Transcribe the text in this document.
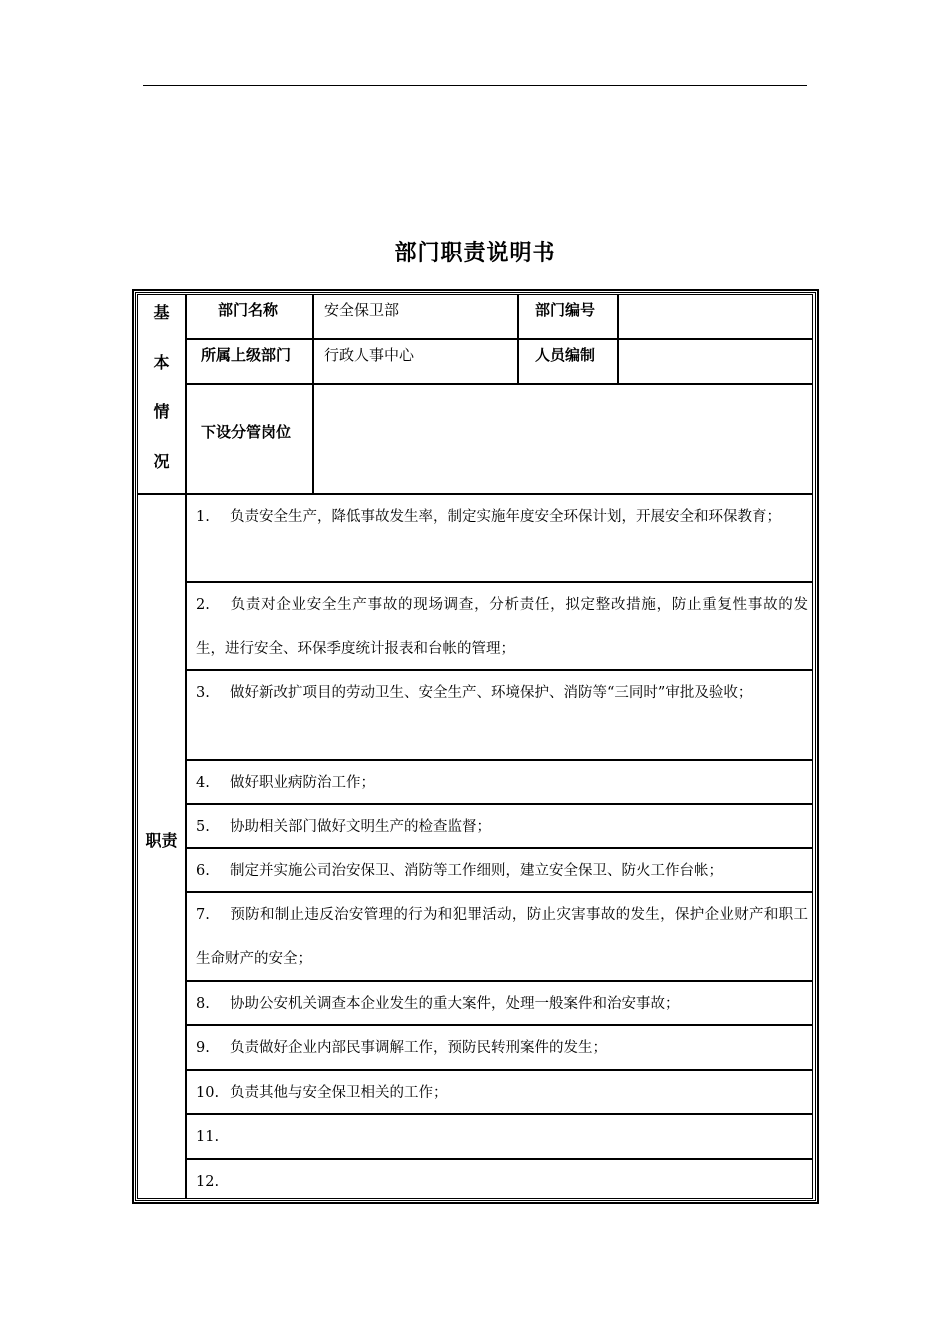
部门职责说明书
基
本
情
况
部门名称	安全保卫部	部门编号
所属上级部门	行政人事中心	人员编制
下设分管岗位
职责
1. 负责安全生产，降低事故发生率，制定实施年度安全环保计划，开展安全和环保教育；
2. 负责对企业安全生产事故的现场调查，分析责任，拟定整改措施，防止重复性事故的发生，进行安全、环保季度统计报表和台帐的管理；
3. 做好新改扩项目的劳动卫生、安全生产、环境保护、消防等“三同时”审批及验收；
4. 做好职业病防治工作；
5. 协助相关部门做好文明生产的检查监督；
6. 制定并实施公司治安保卫、消防等工作细则，建立安全保卫、防火工作台帐；
7. 预防和制止违反治安管理的行为和犯罪活动，防止灾害事故的发生，保护企业财产和职工生命财产的安全；
8. 协助公安机关调查本企业发生的重大案件，处理一般案件和治安事故；
9. 负责做好企业内部民事调解工作，预防民转刑案件的发生；
10. 负责其他与安全保卫相关的工作；
11.
12.
